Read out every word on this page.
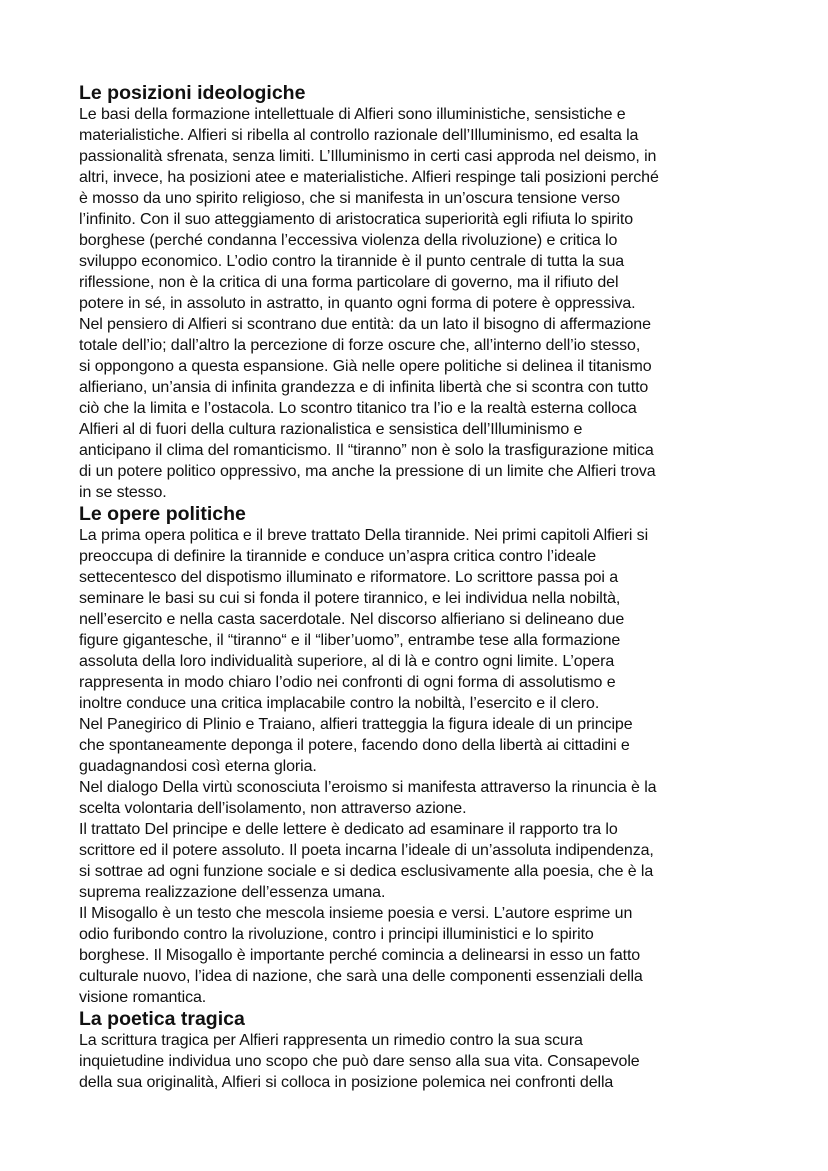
Le posizioni ideologiche
Le basi della formazione intellettuale di Alfieri sono illuministiche, sensistiche e
materialistiche. Alfieri si ribella al controllo razionale dell’Illuminismo, ed esalta la
passionalità sfrenata, senza limiti. L’Illuminismo in certi casi approda nel deismo, in
altri, invece, ha posizioni atee e materialistiche. Alfieri respinge tali posizioni perché
è mosso da uno spirito religioso, che si manifesta in un’oscura tensione verso
l’infinito. Con il suo atteggiamento di aristocratica superiorità egli rifiuta lo spirito
borghese (perché condanna l’eccessiva violenza della rivoluzione) e critica lo
sviluppo economico. L’odio contro la tirannide è il punto centrale di tutta la sua
riflessione, non è la critica di una forma particolare di governo, ma il rifiuto del
potere in sé, in assoluto in astratto, in quanto ogni forma di potere è oppressiva.
Nel pensiero di Alfieri si scontrano due entità: da un lato il bisogno di affermazione
totale dell’io; dall’altro la percezione di forze oscure che, all’interno dell’io stesso,
si oppongono a questa espansione. Già nelle opere politiche si delinea il titanismo
alfieriano, un’ansia di infinita grandezza e di infinita libertà che si scontra con tutto
ciò che la limita e l’ostacola. Lo scontro titanico tra l’io e la realtà esterna colloca
Alfieri al di fuori della cultura razionalistica e sensistica dell’Illuminismo e
anticipano il clima del romanticismo. Il “tiranno” non è solo la trasfigurazione mitica
di un potere politico oppressivo, ma anche la pressione di un limite che Alfieri trova
in se stesso.
Le opere politiche
La prima opera politica e il breve trattato Della tirannide. Nei primi capitoli Alfieri si
preoccupa di definire la tirannide e conduce un’aspra critica contro l’ideale
settecentesco del dispotismo illuminato e riformatore. Lo scrittore passa poi a
seminare le basi su cui si fonda il potere tirannico, e lei individua nella nobiltà,
nell’esercito e nella casta sacerdotale. Nel discorso alfieriano si delineano due
figure gigantesche, il “tiranno“ e il “liber’uomo”, entrambe tese alla formazione
assoluta della loro individualità superiore, al di là e contro ogni limite. L’opera
rappresenta in modo chiaro l’odio nei confronti di ogni forma di assolutismo e
inoltre conduce una critica implacabile contro la nobiltà, l’esercito e il clero.
Nel Panegirico di Plinio e Traiano, alfieri tratteggia la figura ideale di un principe
che spontaneamente deponga il potere, facendo dono della libertà ai cittadini e
guadagnandosi così eterna gloria.
Nel dialogo Della virtù sconosciuta l’eroismo si manifesta attraverso la rinuncia è la
scelta volontaria dell’isolamento, non attraverso azione.
Il trattato Del principe e delle lettere è dedicato ad esaminare il rapporto tra lo
scrittore ed il potere assoluto. Il poeta incarna l’ideale di un’assoluta indipendenza,
si sottrae ad ogni funzione sociale e si dedica esclusivamente alla poesia, che è la
suprema realizzazione dell’essenza umana.
Il Misogallo è un testo che mescola insieme poesia e versi. L’autore esprime un
odio furibondo contro la rivoluzione, contro i principi illuministici e lo spirito
borghese. Il Misogallo è importante perché comincia a delinearsi in esso un fatto
culturale nuovo, l’idea di nazione, che sarà una delle componenti essenziali della
visione romantica.
La poetica tragica
La scrittura tragica per Alfieri rappresenta un rimedio contro la sua scura
inquietudine individua uno scopo che può dare senso alla sua vita. Consapevole
della sua originalità, Alfieri si colloca in posizione polemica nei confronti della
